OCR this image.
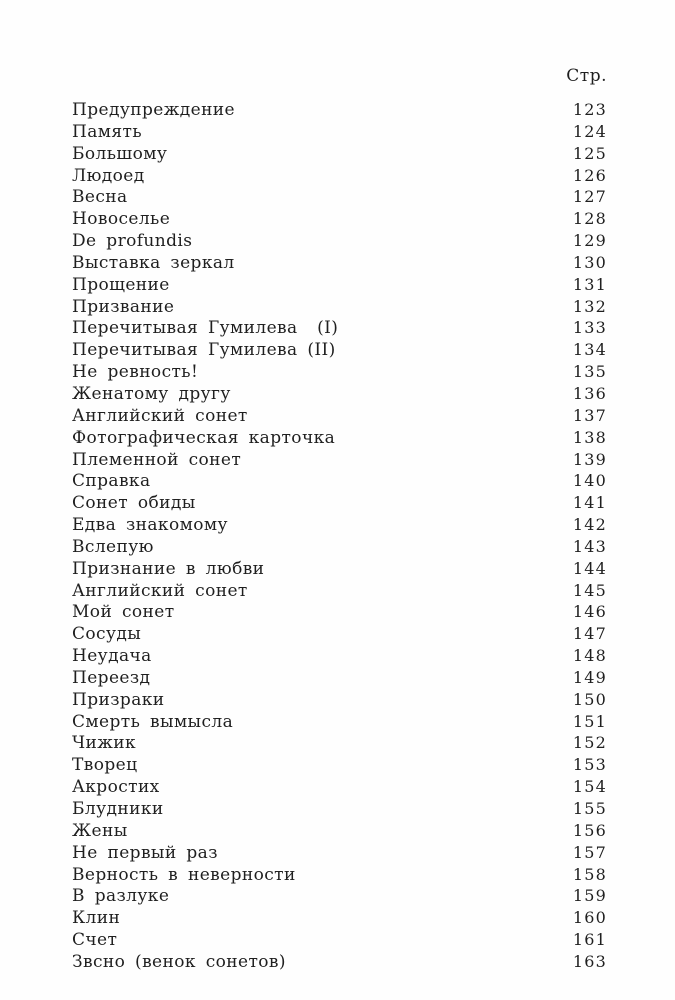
Стр.
Предупреждение	123
Память	124
Большому	125
Людоед	126
Весна	127
Новоселье	128
De profundis	129
Выставка зеркал	130
Прощение	131
Призвание	132
Перечитывая Гумилева  (I)	133
Перечитывая Гумилева (II)	134
Не ревность!	135
Женатому другу	136
Английский сонет	137
Фотографическая карточка	138
Племенной сонет	139
Справка	140
Сонет обиды	141
Едва знакомому	142
Вслепую	143
Признание в любви	144
Английский сонет	145
Мой сонет	146
Сосуды	147
Неудача	148
Переезд	149
Призраки	150
Смерть вымысла	151
Чижик	152
Творец	153
Акростих	154
Блудники	155
Жены	156
Не первый раз	157
Верность в неверности	158
В разлуке	159
Клин	160
Счет	161
Звсно (венок сонетов)	163
